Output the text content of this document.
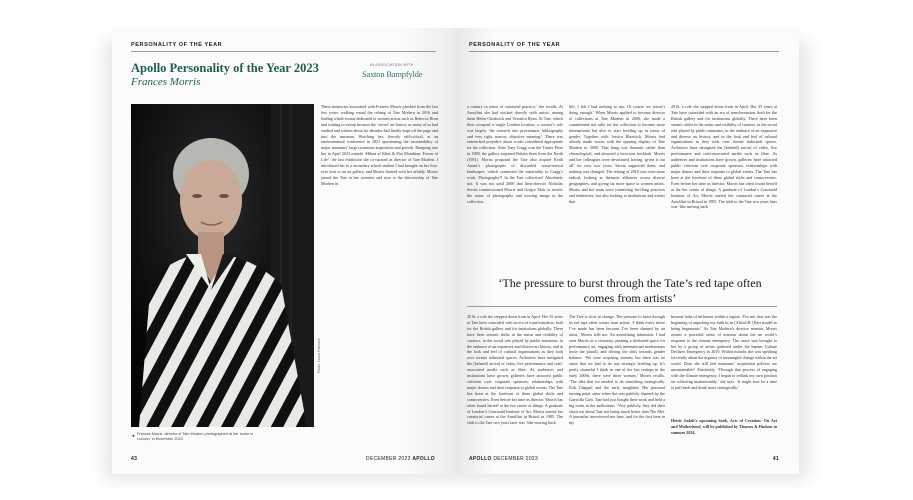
PERSONALITY OF THE YEAR
Apollo Personality of the Year 2023
Frances Morris
IN ASSOCIATION WITH
Saxton Bampfylde
◄ Frances Morris, director of Tate Modern photographed at her home in London, in November 2023
Photo: Laura Pannack
43	DECEMBER 2023 APOLLO
These memories associated with Frances Morris plucked from the last few years: walking round the rehang of Tate Modern in 2016 and finding whole rooms dedicated to women artists such as Rebecca Horn and waiting to sweep because the ‘secret’ art history so many of us had studied and written about for decades had finally leapt off the page and into the museum. Watching her, fiercely self-critical, at an environmental conference in 2021 questioning the sustainability of major museums’ large tyrannous acquisition and growth. Bumping into her in April 2023 outside ‘Hilma af Klint & Piet Mondrian: Forms of Life’, the last exhibition she co-curated as director of Tate Modern. I introduced her to a secondary school student I had brought on her first-ever visit to an art gallery, and Morris chatted with her affably. Morris joined the Tate in her twenties and rose to the directorship of Tate Modern in
PERSONALITY OF THE YEAR
a century in terms of curatorial practice,’ she recalls. At Arnolfini she had worked directly with artists, among them Helen Chadwick and Veronica Ryan. At Tate, which then occupied a single London location, a curator’s role was largely ‘the research into provenance, bibliography and very tight, narrow, objective meaning’. There was entrenched prejudice about works considered appropriate for the collection. After Tony Cragg won the Turner Prize in 1988, the gallery acquired Britain Seen from the North (1981). Morris proposed the Tate also acquire Keith Arnatt’s photographs of discarded waste-strewn landscapes ‘which connected the materiality to Cragg’s work. Photography?! In the Tate collection? Absolutely not. It was not until 2000 that then-director Nicholas Serota commissioned Morris and Gregor Muir to review the status of photography and moving image in the collection.
life, I felt I had nothing to say. Of course we weren’t doing enough.’ When Morris applied to become director of collections at Tate Modern in 2006, she made a commitment not only for the collection to become more international but also to start leveling up in terms of gender. Together with Jessica Blazwick, Morris had already made waves with the opening display of Tate Modern in 2000. That hang was thematic rather than chronological, and attracted a ferocious backlash. Morris and her colleagues were devastated, having ‘given it our all’ for over two years. Serota supported them, and nothing was changed. The rehang of 2016 was even more radical, looking at thematic alliances across diverse geographies, and giving far more space to women artists. Morris and her team were connecting far-flung practices and tendencies, but also looking to institutions and events that
2016, a role she stepped down from in April. Her 35 years at Tate have coincided with an era of transformation, both for the British gallery and for institutions globally. There have been seismic shifts in the status and visibility of curators, in the social role played by public museums, in the embrace of an expansive and diverse art history, and in the look and feel of cultural organisations as they took over former industrial spaces. Architects have navigated the (belated) arrival of video, live performance and craft-associated media such as fibre. As audiences and institutions have grown, galleries have attracted public criticism over corporate sponsors, relationships with major donors and their response to global events. The Tate has been at the forefront of these global shifts and controversies. Even before her time as director, Morris has often found herself at the hot centre of things. A graduate of London’s Courtauld Institute of Art, Morris started her curatorial career at the Arnolfini in Bristol in 1985. The shift to the Tate two years later was ‘like moving back
‘The pressure to burst through the Tate’s red tape often comes from artists’
2016, a role she stepped down from in April. Her 35 years at Tate have coincided with an era of transformation, both for the British gallery and for institutions globally. There have been seismic shifts in the status and visibility of curators, in the social role played by public museums, in the embrace of an expansive and diverse art history, and in the look and feel of cultural organisations as they took over former industrial spaces. Architects have navigated the (belated) arrival of video, live performance and craft-associated media such as fibre. As audiences and institutions have grown, galleries have attracted public criticism over corporate sponsors, relationships with major donors and their response to global events. The Tate has been at the forefront of these global shifts and controversies. Even before her time as director, Morris has often found herself at the hot centre of things. A graduate of London’s Courtauld Institute of Art, Morris started her curatorial career at the Arnolfini in Bristol in 1985. The shift to the Tate two years later was ‘like moving back
The Tate is slow to change. The pressure to burst through its red tape often comes from artists. ‘I think every move I’ve made has been because I’ve been shamed by an artist,’ Morris tells me. An astonishing admission. I had seen Morris as a visionary, pushing a dedicated space for performance art, engaging with international modernisms (note the plural), and driving the shift towards gender balance. ‘We were acquiring women, but there was no sense that we had to do any strategic leveling up. It’s pretty shameful I think in one of the last reshaps in the early 2000s, there were three women,’ Morris recalls. ‘The idea that we needed to do something strategically. Erik Chappel and the early naughties. Her personal turning point came when she was publicly shamed by the Guerrilla Girls. Tate had just bought their work and held a big event in the auditorium. ‘Very publicly, they did their shout out about Tate not being much better than The Met. A journalist interviewed me later, and for the first time in my
became hubs of influence within a region. ‘For me, that was the beginning of unpicking my faith in an [Alfred H.] Barr model as being hegemonic.’ As Tate Modern’s director emerita, Morris retains a powerful sense of mission about the art world’s response to the climate emergency. The cause was brought to her by a group of artists gathered under the banner Culture Declares Emergency in 2019. Within months she was speaking forcefully about the urgency of meaningful change within the art world. Does she still feel museums’ acquisition policies are unsustainable? Absolutely. ‘Through that process of engaging with the climate emergency, I began to rethink my own position on collecting institutionally,’ she says. ‘It might now be a time to pull back and think more strategically.’
Hettie Judah’s upcoming book, Acts of Creation: On Art and Motherhood, will be published by Thames & Hudson in summer 2024.
APOLLO DECEMBER 2023	41
